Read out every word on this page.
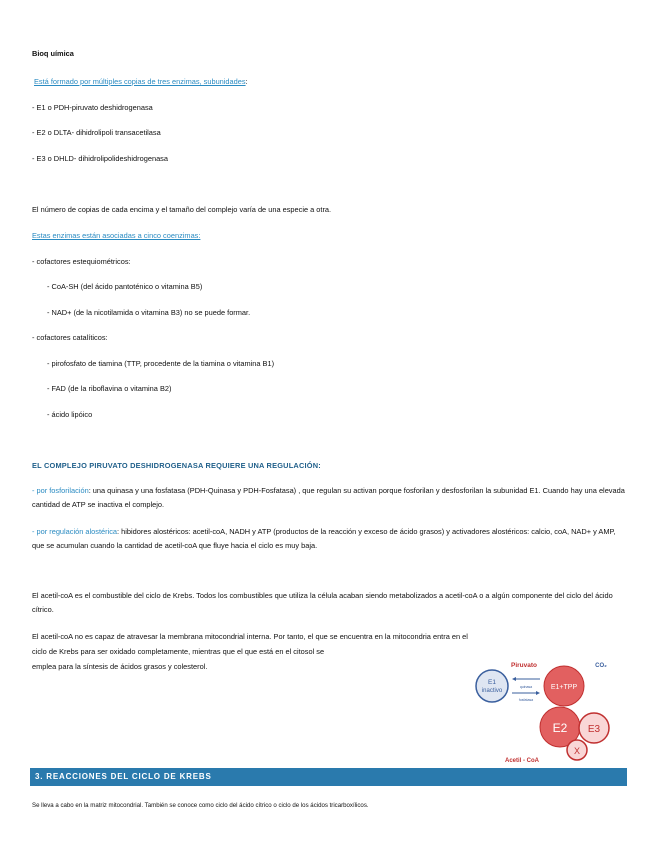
Bioq uímica
Está formado por múltiples copias de tres enzimas, subunidades:
- E1 o PDH-piruvato deshidrogenasa
- E2 o DLTA- dihidrolipoli transacetilasa
- E3 o DHLD- dihidrolipolideshidrogenasa
El número de copias de cada encima y el tamaño del complejo varía de una especie a otra.
Estas enzimas están asociadas a cinco coenzimas:
- cofactores estequiométricos:
- CoA-SH (del ácido pantoténico o vitamina B5)
- NAD+ (de la nicotilamida o vitamina B3) no se puede formar.
- cofactores catalíticos:
- pirofosfato de tiamina (TTP, procedente de la tiamina o vitamina B1)
- FAD (de la riboflavina o vitamina B2)
- ácido lipóico
EL COMPLEJO PIRUVATO DESHIDROGENASA REQUIERE UNA REGULACIÓN:
- por fosforilación: una quinasa y una fosfatasa (PDH-Quinasa y PDH-Fosfatasa) , que regulan su activan porque fosforilan y desfosforilan la subunidad E1. Cuando hay una elevada cantidad de ATP se inactiva el complejo.
- por regulación alostérica: hibidores alostéricos: acetil-coA, NADH y ATP (productos de la reacción y exceso de ácido grasos) y activadores alostéricos: calcio, coA, NAD+ y AMP, que se acumulan cuando la cantidad de acetil-coA que fluye hacia el ciclo es muy baja.
El acetil-coA es el combustible del ciclo de Krebs. Todos los combustibles que utiliza la célula acaban siendo metabolizados a acetil-coA o a algún componente del ciclo del ácido cítrico.
El acetil-coA no es capaz de atravesar la membrana mitocondrial interna. Por tanto, el que se encuentra en la mitocondria entra en el
ciclo de Krebs para ser oxidado completamente, mientras que el que está en el citosol se
emplea para la síntesis de ácidos grasos y colesterol.
E1
inactivo
Piruvato
quinasa
fosfatasa
E1+TPP
CO₂
E2 E3
X
Acetil - CoA
3. REACCIONES DEL CICLO DE KREBS
Se lleva a cabo en la matriz mitocondrial. También se conoce como ciclo del ácido cítrico o ciclo de los ácidos tricarboxílicos.
